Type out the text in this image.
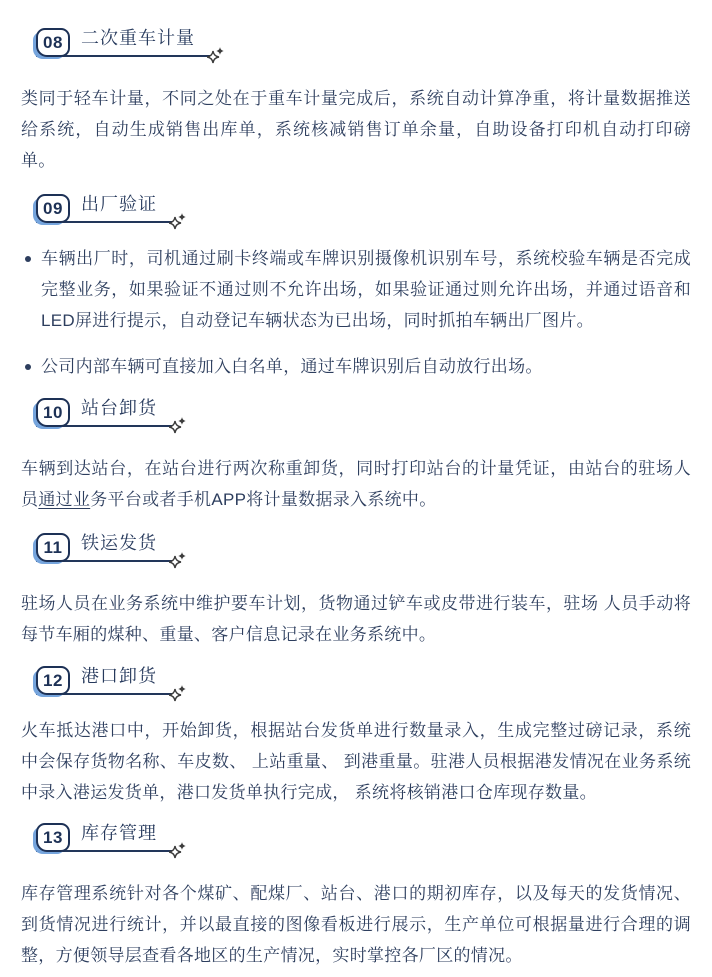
08	二次重车计量

类同于轻车计量，不同之处在于重车计量完成后，系统自动计算净重，将计量数据推送给系统，自动生成销售出库单，系统核减销售订单余量，自助设备打印机自动打印磅单。

09	出厂验证
车辆出厂时，司机通过刷卡终端或车牌识别摄像机识别车号，系统校验车辆是否完成完整业务，如果验证不通过则不允许出场，如果验证通过则允许出场，并通过语音和LED屏进行提示，自动登记车辆状态为已出场，同时抓拍车辆出厂图片。
公司内部车辆可直接加入白名单，通过车牌识别后自动放行出场。
10	站台卸货

车辆到达站台，在站台进行两次称重卸货，同时打印站台的计量凭证，由站台的驻场人员通过业务平台或者手机APP将计量数据录入系统中。

11	铁运发货

驻场人员在业务系统中维护要车计划，货物通过铲车或皮带进行装车，驻场 人员手动将每节车厢的煤种、重量、客户信息记录在业务系统中。

12	港口卸货

火车抵达港口中，开始卸货，根据站台发货单进行数量录入，生成完整过磅记录，系统中会保存货物名称、车皮数、 上站重量、 到港重量。驻港人员根据港发情况在业务系统中录入港运发货单，港口发货单执行完成， 系统将核销港口仓库现存数量。

13	库存管理

库存管理系统针对各个煤矿、配煤厂、站台、港口的期初库存，以及每天的发货情况、到货情况进行统计，并以最直接的图像看板进行展示，生产单位可根据量进行合理的调整，方便领导层查看各地区的生产情况，实时掌控各厂区的情况。
